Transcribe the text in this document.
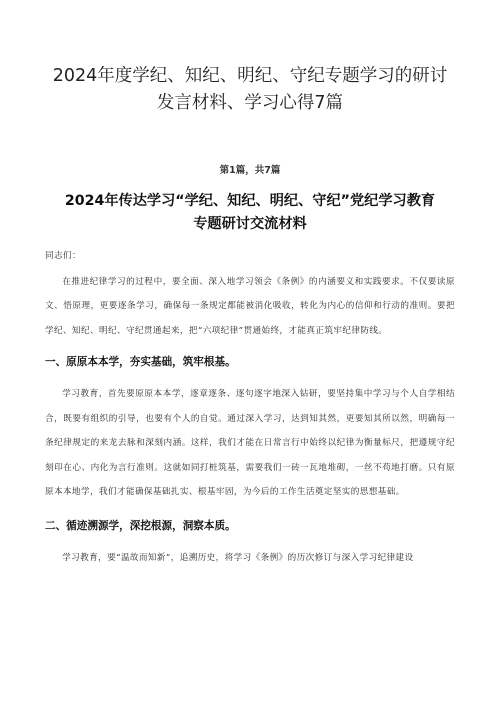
2024年度学纪、知纪、明纪、守纪专题学习的研讨
发言材料、学习心得7篇
第1篇，共7篇
2024年传达学习“学纪、知纪、明纪、守纪”党纪学习教育
专题研讨交流材料

同志们：

在推进纪律学习的过程中，要全面、深入地学习领会《条例》的内涵要义和实践要求。不仅要读原文、悟原理，更要逐条学习，确保每一条规定都能被消化吸收，转化为内心的信仰和行动的准则。要把学纪、知纪、明纪、守纪贯通起来，把“六项纪律”贯通始终，才能真正筑牢纪律防线。

一、原原本本学，夯实基础，筑牢根基。

学习教育，首先要原原本本学，逐章逐条、逐句逐字地深入钻研，要坚持集中学习与个人自学相结合，既要有组织的引导，也要有个人的自觉。通过深入学习，达到知其然，更要知其所以然，明确每一条纪律规定的来龙去脉和深刻内涵。这样，我们才能在日常言行中始终以纪律为衡量标尺，把遵规守纪刻印在心、内化为言行准则。这就如同打桩筑基，需要我们一砖一瓦地堆砌，一丝不苟地打磨。只有原原本本地学，我们才能确保基础扎实、根基牢固，为今后的工作生活奠定坚实的思想基础。

二、循迹溯源学，深挖根源，洞察本质。

学习教育，要“温故而知新”，追溯历史，将学习《条例》的历次修订与深入学习纪律建设
